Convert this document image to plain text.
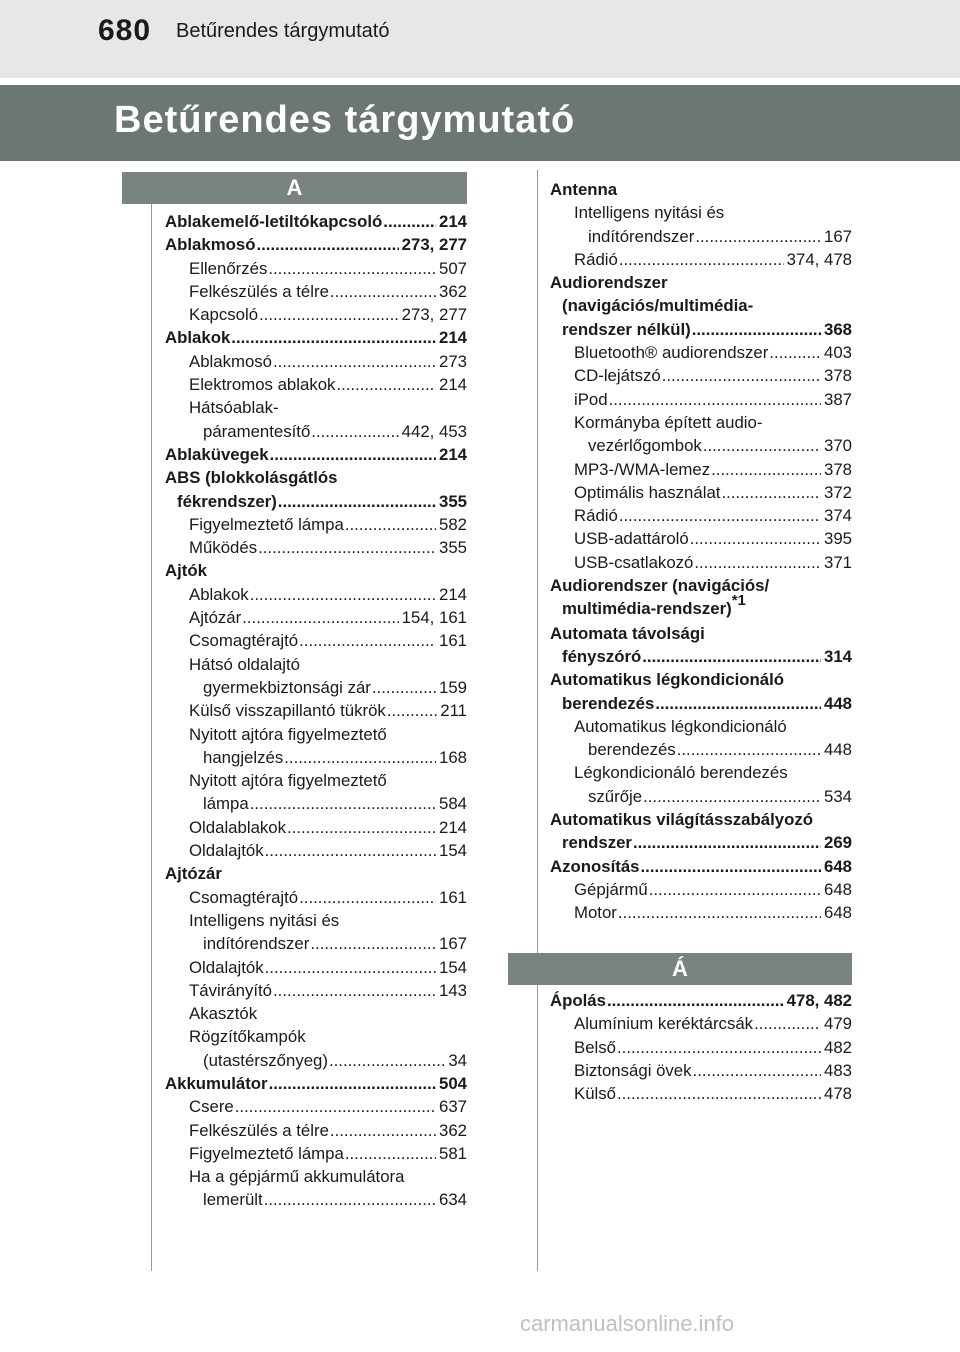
680 Betűrendes tárgymutató
Betűrendes tárgymutató
A
Ablakemelő-letiltókapcsoló .....	214
Ablakmosó .....	273, 277
Ellenőrzés .....	507
Felkészülés a télre .....	362
Kapcsoló .....	273, 277
Ablakok .....	214
Ablakmosó .....	273
Elektromos ablakok .....	214
Hátsóablak-
páramentesítő .....	442, 453
Ablaküvegek .....	214
ABS (blokkolásgátlós
fékrendszer) .....	355
Figyelmeztető lámpa .....	582
Működés .....	355
Ajtók
Ablakok .....	214
Ajtózár .....	154, 161
Csomagtérajtó .....	161
Hátsó oldalajtó
gyermekbiztonsági zár .....	159
Külső visszapillantó tükrök .....	211
Nyitott ajtóra figyelmeztető
hangjelzés .....	168
Nyitott ajtóra figyelmeztető
lámpa .....	584
Oldalablakok .....	214
Oldalajtók .....	154
Ajtózár
Csomagtérajtó .....	161
Intelligens nyitási és
indítórendszer .....	167
Oldalajtók .....	154
Távirányító .....	143
Akasztók
Rögzítőkampók
(utastérszőnyeg) .....	34
Akkumulátor .....	504
Csere .....	637
Felkészülés a télre .....	362
Figyelmeztető lámpa .....	581
Ha a gépjármű akkumulátora
lemerült .....	634
Antenna
Intelligens nyitási és
indítórendszer .....	167
Rádió .....	374, 478
Audiorendszer
(navigációs/multimédia-
rendszer nélkül) .....	368
Bluetooth® audiorendszer .....	403
CD-lejátszó .....	378
iPod .....	387
Kormányba épített audio-
vezérlőgombok .....	370
MP3-/WMA-lemez .....	378
Optimális használat .....	372
Rádió .....	374
USB-adattároló .....	395
USB-csatlakozó .....	371
Audiorendszer (navigációs/
multimédia-rendszer)*1
Automata távolsági
fényszóró .....	314
Automatikus légkondicionáló
berendezés .....	448
Automatikus légkondicionáló
berendezés .....	448
Légkondicionáló berendezés
szűrője .....	534
Automatikus világításszabályozó
rendszer .....	269
Azonosítás .....	648
Gépjármű .....	648
Motor .....	648
Á
Ápolás .....	478, 482
Alumínium keréktárcsák .....	479
Belső .....	482
Biztonsági övek .....	483
Külső .....	478
carmanualsonline.info
